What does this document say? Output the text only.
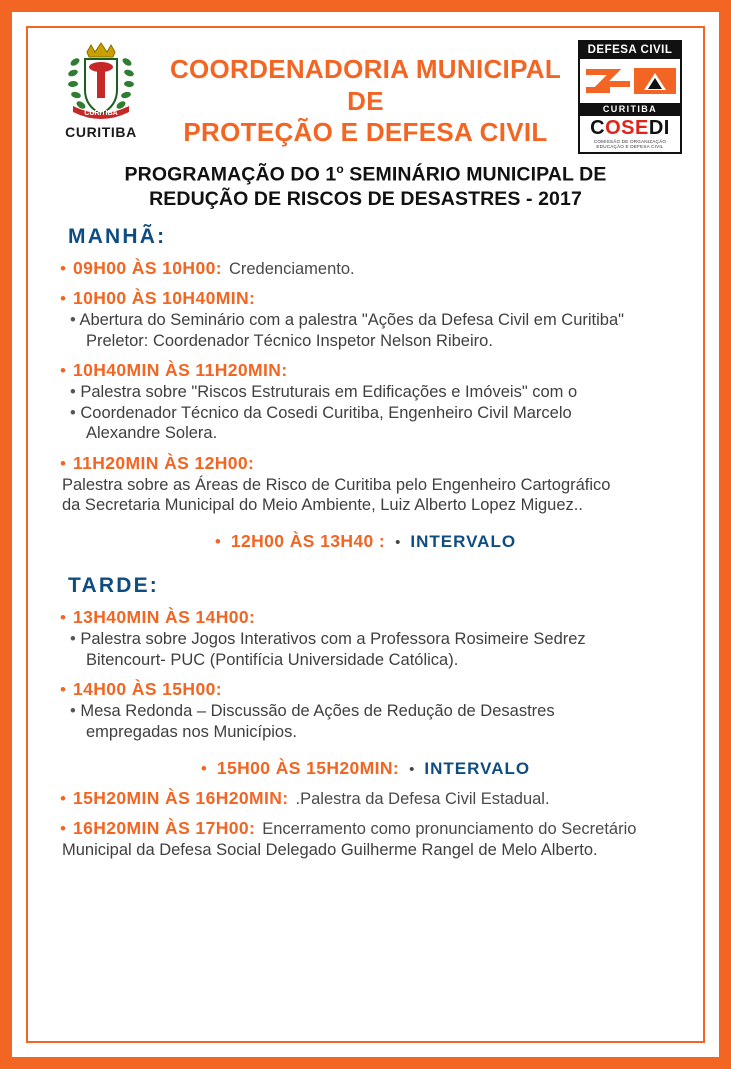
CURITIBA
CURITIBA
COORDENADORIA MUNICIPAL DE
PROTEÇÃO E DEFESA CIVIL
DEFESA CIVIL
CURITIBA
COSEDI
COMISSÃO DE ORGANIZAÇÃO EDUCAÇÃO E DEFESA CIVIL
PROGRAMAÇÃO DO 1$^o$ SEMINÁRIO MUNICIPAL DE
REDUÇÃO DE RISCOS DE DESASTRES - 2017
MANHÃ:
• 09H00 ÀS 10H00: Credenciamento.
• 10H00 ÀS 10H40MIN:
• Abertura do Seminário com a palestra "Ações da Defesa Civil em Curitiba"
Preletor: Coordenador Técnico Inspetor Nelson Ribeiro.
• 10H40MIN ÀS 11H20MIN:
• Palestra sobre "Riscos Estruturais em Edificações e Imóveis" com o
• Coordenador Técnico da Cosedi Curitiba, Engenheiro Civil Marcelo
Alexandre Solera.
• 11H20MIN ÀS 12H00:
Palestra sobre as Áreas de Risco de Curitiba pelo Engenheiro Cartográfico
da Secretaria Municipal do Meio Ambiente, Luiz Alberto Lopez Miguez..
• 12H00 ÀS 13H40 : • INTERVALO
TARDE:
• 13H40MIN ÀS 14H00:
• Palestra sobre Jogos Interativos com a Professora Rosimeire Sedrez
Bitencourt- PUC (Pontifícia Universidade Católica).
• 14H00 ÀS 15H00:
• Mesa Redonda – Discussão de Ações de Redução de Desastres
empregadas nos Municípios.
• 15H00 ÀS 15H20MIN: • INTERVALO
• 15H20MIN ÀS 16H20MIN: .Palestra da Defesa Civil Estadual.
• 16H20MIN ÀS 17H00: Encerramento como pronunciamento do Secretário
Municipal da Defesa Social Delegado Guilherme Rangel de Melo Alberto.
